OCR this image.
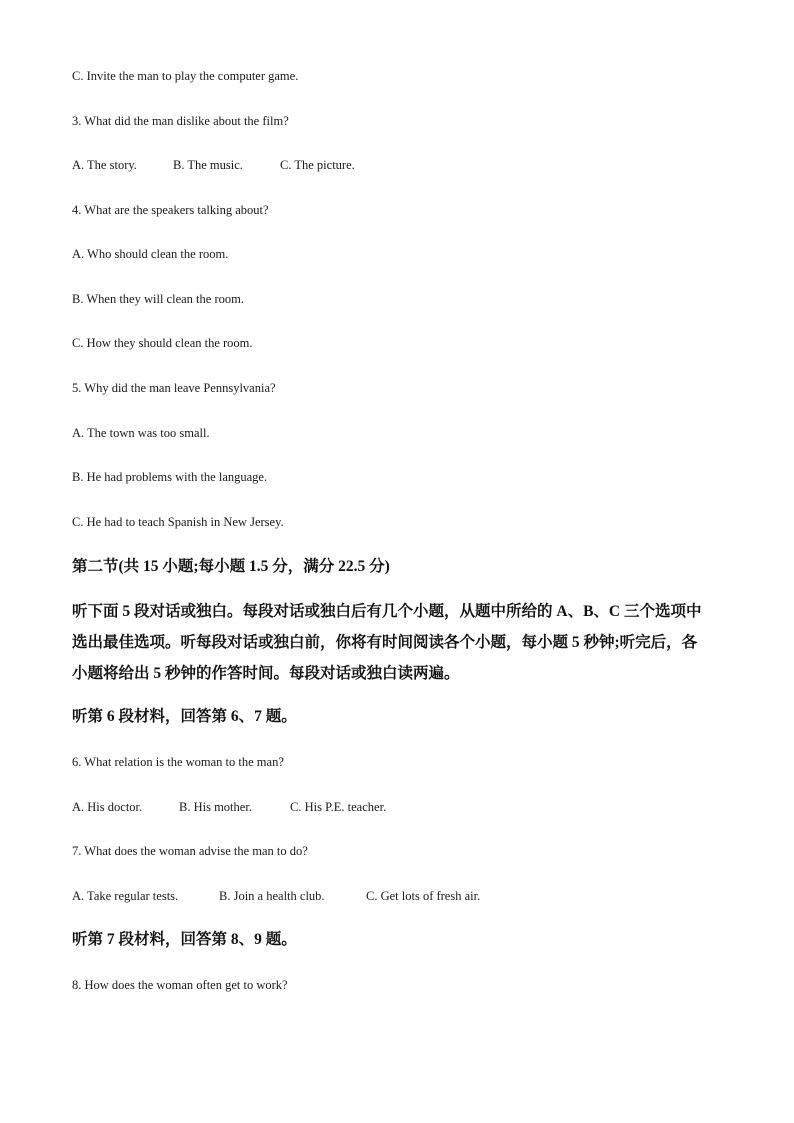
C. Invite the man to play the computer game.
3. What did the man dislike about the film?
A. The story.	B. The music.	C. The picture.
4. What are the speakers talking about?
A. Who should clean the room.
B. When they will clean the room.
C. How they should clean the room.
5. Why did the man leave Pennsylvania?
A. The town was too small.
B. He had problems with the language.
C. He had to teach Spanish in New Jersey.
第二节(共 15 小题;每小题 1.5 分，满分 22.5 分)
听下面 5 段对话或独白。每段对话或独白后有几个小题，从题中所给的 A、B、C 三个选项中
选出最佳选项。听每段对话或独白前，你将有时间阅读各个小题，每小题 5 秒钟;听完后，各
小题将给出 5 秒钟的作答时间。每段对话或独白读两遍。
听第 6 段材料，回答第 6、7 题。
6. What relation is the woman to the man?
A. His doctor.	B. His mother.	C. His P.E. teacher.
7. What does the woman advise the man to do?
A. Take regular tests.	B. Join a health club.	C. Get lots of fresh air.
听第 7 段材料，回答第 8、9 题。
8. How does the woman often get to work?
